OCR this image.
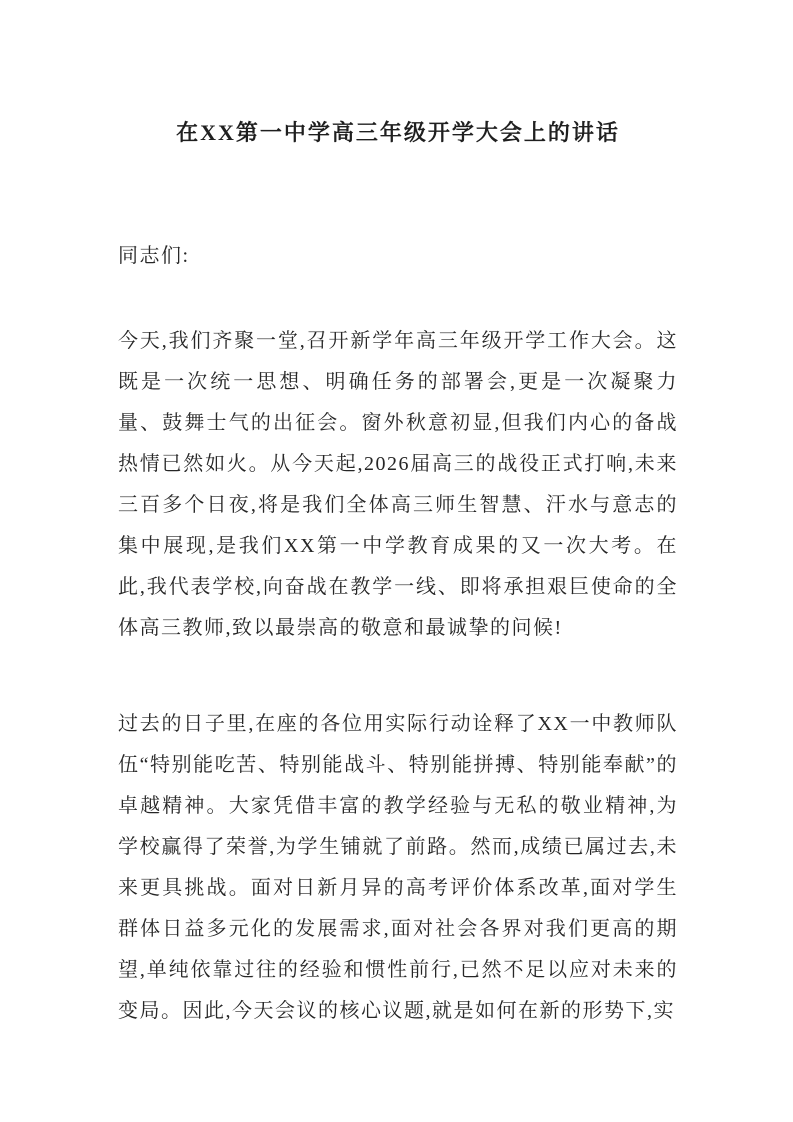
在XX第一中学高三年级开学大会上的讲话

同志们:

今天,我们齐聚一堂,召开新学年高三年级开学工作大会。这既是一次统一思想、明确任务的部署会,更是一次凝聚力量、鼓舞士气的出征会。窗外秋意初显,但我们内心的备战热情已然如火。从今天起,2026届高三的战役正式打响,未来三百多个日夜,将是我们全体高三师生智慧、汗水与意志的集中展现,是我们XX第一中学教育成果的又一次大考。在此,我代表学校,向奋战在教学一线、即将承担艰巨使命的全体高三教师,致以最崇高的敬意和最诚挚的问候!

过去的日子里,在座的各位用实际行动诠释了XX一中教师队伍“特别能吃苦、特别能战斗、特别能拼搏、特别能奉献”的卓越精神。大家凭借丰富的教学经验与无私的敬业精神,为学校赢得了荣誉,为学生铺就了前路。然而,成绩已属过去,未来更具挑战。面对日新月异的高考评价体系改革,面对学生群体日益多元化的发展需求,面对社会各界对我们更高的期望,单纯依靠过往的经验和惯性前行,已然不足以应对未来的变局。因此,今天会议的核心议题,就是如何在新的形势下,实
